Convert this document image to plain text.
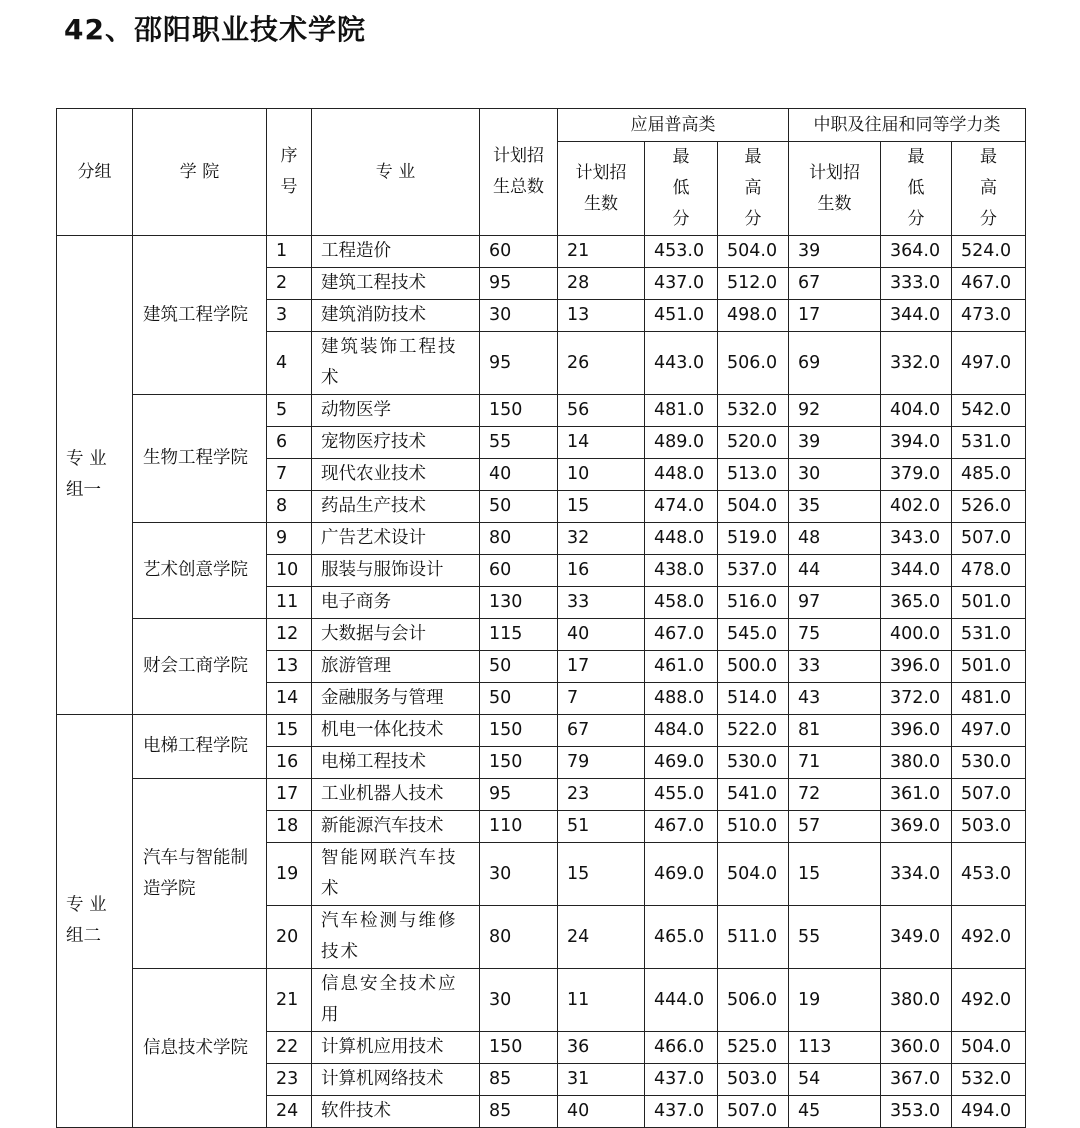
42、邵阳职业技术学院
分组	学 院	序号	专 业	计划招生总数	应届普高类			中职及往届和同等学力类		
					计划招生数	最低分	最高分	计划招生数	最低分	最高分
专 业组一	建筑工程学院	1	工程造价	60	21	453.0	504.0	39	364.0	524.0
		2	建筑工程技术	95	28	437.0	512.0	67	333.0	467.0
		3	建筑消防技术	30	13	451.0	498.0	17	344.0	473.0
		4	建筑装饰工程技术	95	26	443.0	506.0	69	332.0	497.0
	生物工程学院	5	动物医学	150	56	481.0	532.0	92	404.0	542.0
		6	宠物医疗技术	55	14	489.0	520.0	39	394.0	531.0
		7	现代农业技术	40	10	448.0	513.0	30	379.0	485.0
		8	药品生产技术	50	15	474.0	504.0	35	402.0	526.0
	艺术创意学院	9	广告艺术设计	80	32	448.0	519.0	48	343.0	507.0
		10	服装与服饰设计	60	16	438.0	537.0	44	344.0	478.0
		11	电子商务	130	33	458.0	516.0	97	365.0	501.0
	财会工商学院	12	大数据与会计	115	40	467.0	545.0	75	400.0	531.0
		13	旅游管理	50	17	461.0	500.0	33	396.0	501.0
		14	金融服务与管理	50	7	488.0	514.0	43	372.0	481.0
专 业组二	电梯工程学院	15	机电一体化技术	150	67	484.0	522.0	81	396.0	497.0
		16	电梯工程技术	150	79	469.0	530.0	71	380.0	530.0
	汽车与智能制造学院	17	工业机器人技术	95	23	455.0	541.0	72	361.0	507.0
		18	新能源汽车技术	110	51	467.0	510.0	57	369.0	503.0
		19	智能网联汽车技术	30	15	469.0	504.0	15	334.0	453.0
		20	汽车检测与维修技术	80	24	465.0	511.0	55	349.0	492.0
	信息技术学院	21	信息安全技术应用	30	11	444.0	506.0	19	380.0	492.0
		22	计算机应用技术	150	36	466.0	525.0	113	360.0	504.0
		23	计算机网络技术	85	31	437.0	503.0	54	367.0	532.0
		24	软件技术	85	40	437.0	507.0	45	353.0	494.0
